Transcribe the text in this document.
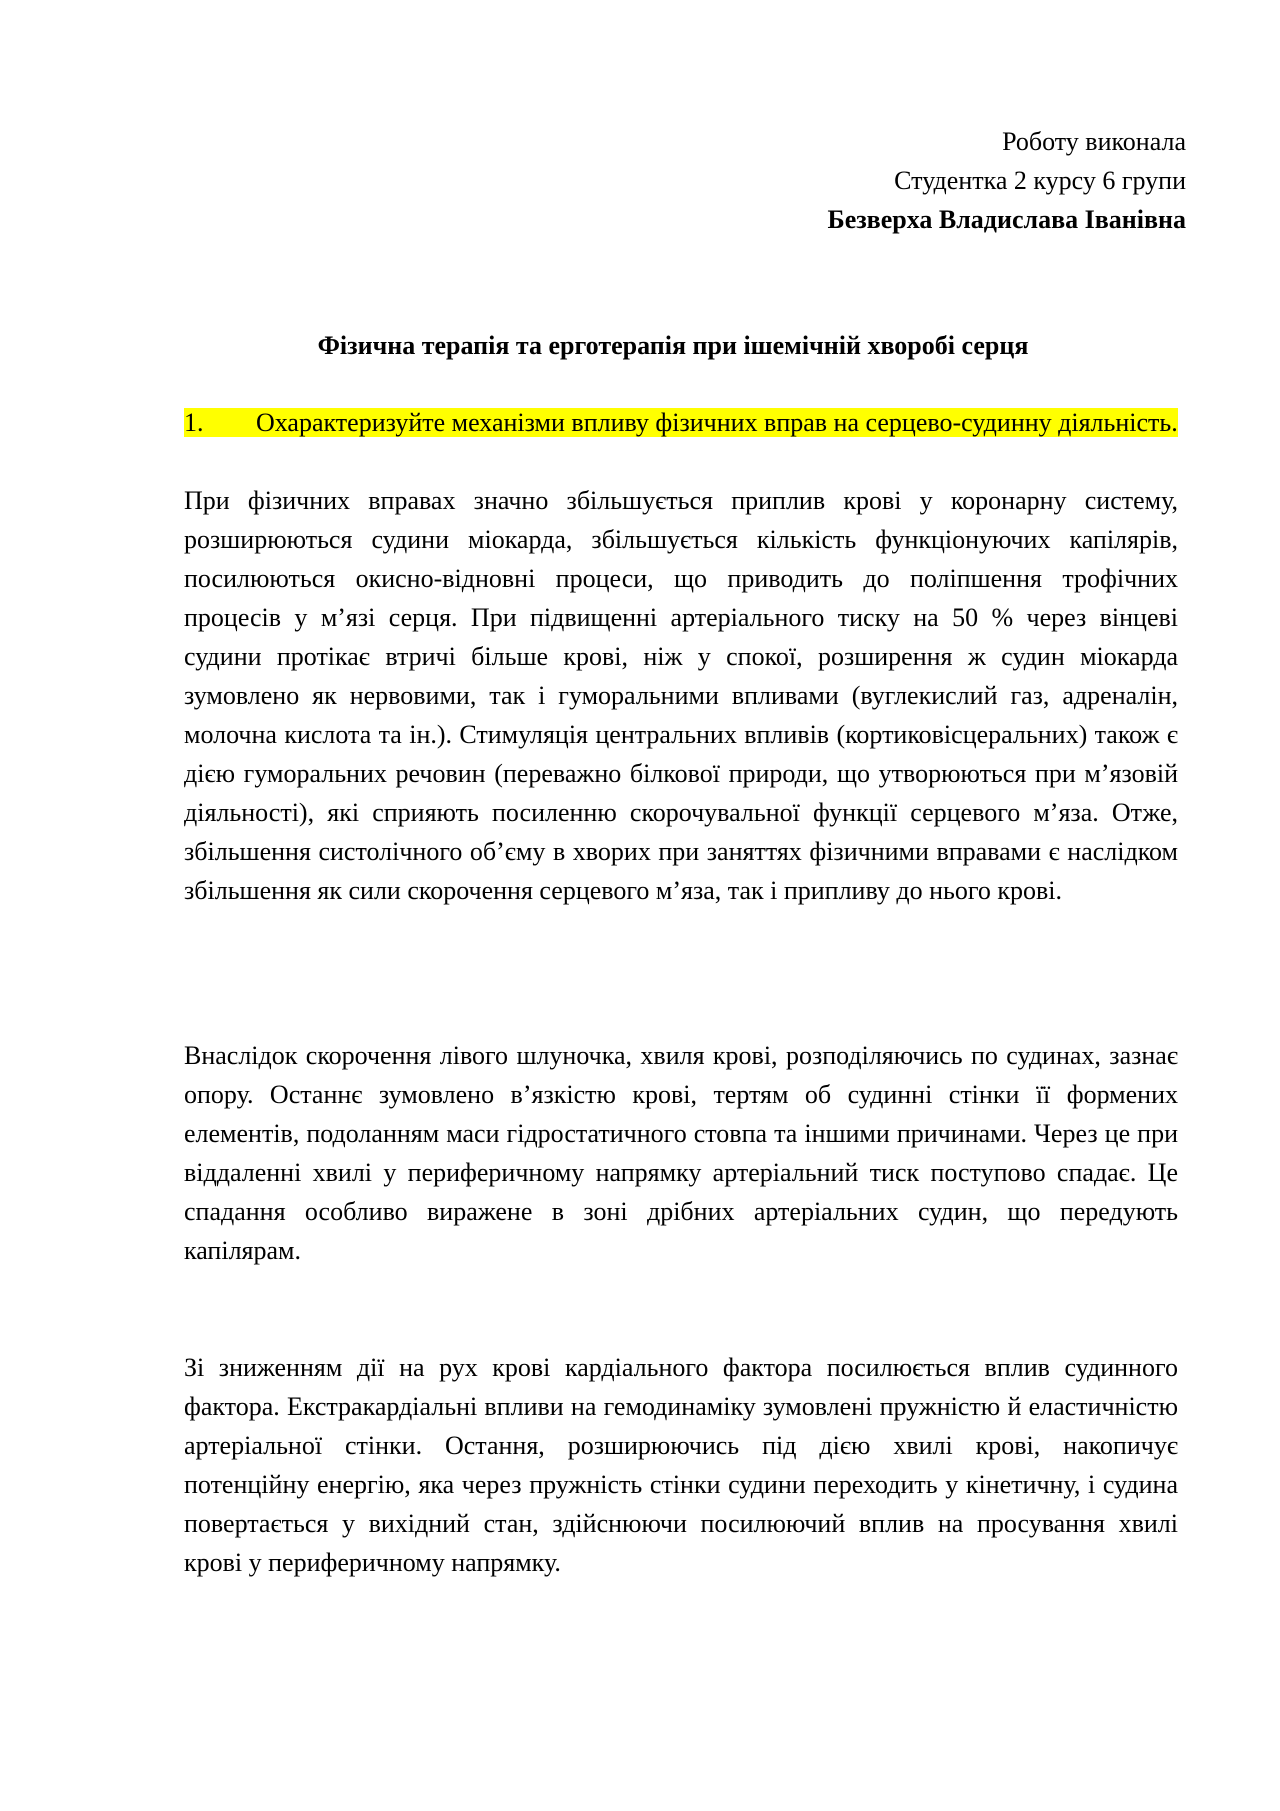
Роботу виконала
Студентка 2 курсу 6 групи
Безверха Владислава Іванівна
Фізична терапія та ерготерапія при ішемічній хворобі серця
1. Охарактеризуйте механізми впливу фізичних вправ на серцево-судинну діяльність.
При фізичних вправах значно збільшується приплив крові у коронарну систему, розширюються судини міокарда, збільшується кількість функціонуючих капілярів, посилюються окисно-відновні процеси, що приводить до поліпшення трофічних процесів у м’язі серця. При підвищенні артеріального тиску на 50 % через вінцеві судини протікає втричі більше крові, ніж у спокої, розширення ж судин міокарда зумовлено як нервовими, так і гуморальними впливами (вуглекислий газ, адреналін, молочна кислота та ін.). Стимуляція центральних впливів (кортиковісцеральних) також є дією гуморальних речовин (переважно білкової природи, що утворюються при м’язовій діяльності), які сприяють посиленню скорочувальної функції серцевого м’яза. Отже, збільшення систолічного об’єму в хворих при заняттях фізичними вправами є наслідком збільшення як сили скорочення серцевого м’яза, так і припливу до нього крові.
Внаслідок скорочення лівого шлуночка, хвиля крові, розподіляючись по судинах, зазнає опору. Останнє зумовлено в’язкістю крові, тертям об судинні стінки її формених елементів, подоланням маси гідростатичного стовпа та іншими причинами. Через це при віддаленні хвилі у периферичному напрямку артеріальний тиск поступово спадає. Це спадання особливо виражене в зоні дрібних артеріальних судин, що передують капілярам.
Зі зниженням дії на рух крові кардіального фактора посилюється вплив судинного фактора. Екстракардіальні впливи на гемодинаміку зумовлені пружністю й еластичністю артеріальної стінки. Остання, розширюючись під дією хвилі крові, накопичує потенційну енергію, яка через пружність стінки судини переходить у кінетичну, і судина повертається у вихідний стан, здійснюючи посилюючий вплив на просування хвилі крові у периферичному напрямку.
